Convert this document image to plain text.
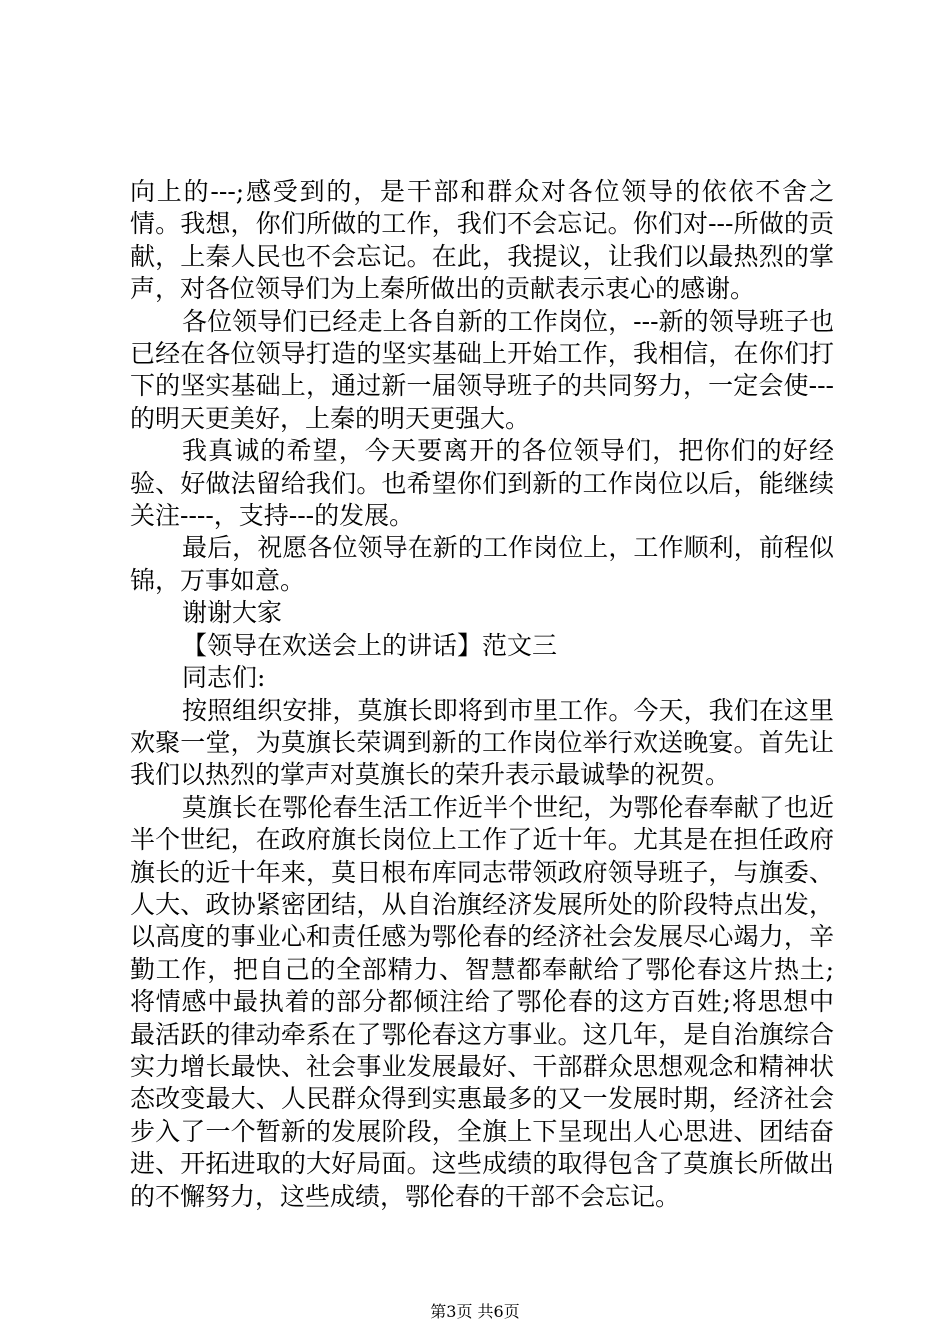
向上的---;感受到的，是干部和群众对各位领导的依依不舍之情。我想，你们所做的工作，我们不会忘记。你们对---所做的贡献，上秦人民也不会忘记。在此，我提议，让我们以最热烈的掌声，对各位领导们为上秦所做出的贡献表示衷心的感谢。

各位领导们已经走上各自新的工作岗位，---新的领导班子也已经在各位领导打造的坚实基础上开始工作，我相信，在你们打下的坚实基础上，通过新一届领导班子的共同努力，一定会使---的明天更美好，上秦的明天更强大。

我真诚的希望，今天要离开的各位领导们，把你们的好经验、好做法留给我们。也希望你们到新的工作岗位以后，能继续关注----，支持---的发展。

最后，祝愿各位领导在新的工作岗位上，工作顺利，前程似锦，万事如意。

谢谢大家

【领导在欢送会上的讲话】范文三

同志们:

按照组织安排，莫旗长即将到市里工作。今天，我们在这里欢聚一堂，为莫旗长荣调到新的工作岗位举行欢送晚宴。首先让我们以热烈的掌声对莫旗长的荣升表示最诚挚的祝贺。

莫旗长在鄂伦春生活工作近半个世纪，为鄂伦春奉献了也近半个世纪，在政府旗长岗位上工作了近十年。尤其是在担任政府旗长的近十年来，莫日根布库同志带领政府领导班子，与旗委、人大、政协紧密团结，从自治旗经济发展所处的阶段特点出发，以高度的事业心和责任感为鄂伦春的经济社会发展尽心竭力，辛勤工作，把自己的全部精力、智慧都奉献给了鄂伦春这片热土;将情感中最执着的部分都倾注给了鄂伦春的这方百姓;将思想中最活跃的律动牵系在了鄂伦春这方事业。这几年，是自治旗综合实力增长最快、社会事业发展最好、干部群众思想观念和精神状态改变最大、人民群众得到实惠最多的又一发展时期，经济社会步入了一个暂新的发展阶段，全旗上下呈现出人心思进、团结奋进、开拓进取的大好局面。这些成绩的取得包含了莫旗长所做出的不懈努力，这些成绩，鄂伦春的干部不会忘记。

第3页 共6页
